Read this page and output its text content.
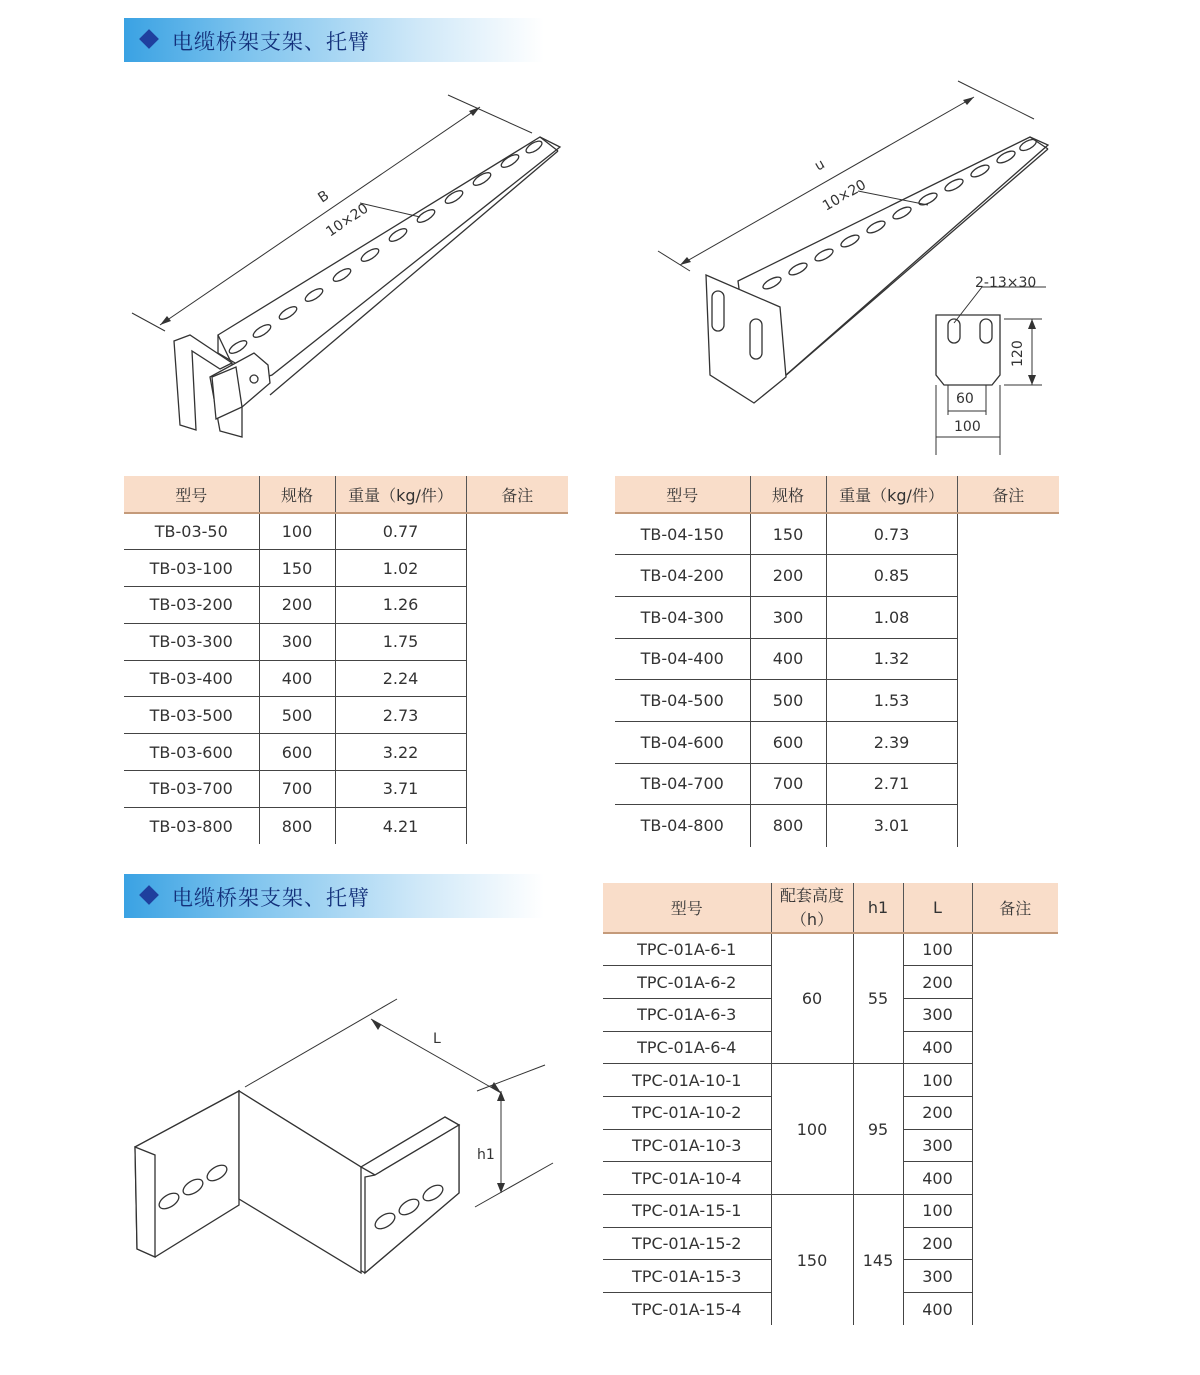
电缆桥架支架、托臂
电缆桥架支架、托臂
B
10×20
u
10×20
2-13×30
120
60
100
L
h1
型号	规格	重量（kg/件）	备注
TB-03-50	100	0.77	
TB-03-100	150	1.02	
TB-03-200	200	1.26	
TB-03-300	300	1.75	
TB-03-400	400	2.24	
TB-03-500	500	2.73	
TB-03-600	600	3.22	
TB-03-700	700	3.71	
TB-03-800	800	4.21	
型号	规格	重量（kg/件）	备注
TB-04-150	150	0.73	
TB-04-200	200	0.85	
TB-04-300	300	1.08	
TB-04-400	400	1.32	
TB-04-500	500	1.53	
TB-04-600	600	2.39	
TB-04-700	700	2.71	
TB-04-800	800	3.01	
型号	配套高度（h）	h1	L	备注
TPC-01A-6-1	60	55	100	
TPC-01A-6-2			200	
TPC-01A-6-3			300	
TPC-01A-6-4			400	
TPC-01A-10-1	100	95	100	
TPC-01A-10-2			200	
TPC-01A-10-3			300	
TPC-01A-10-4			400	
TPC-01A-15-1	150	145	100	
TPC-01A-15-2			200	
TPC-01A-15-3			300	
TPC-01A-15-4			400	
